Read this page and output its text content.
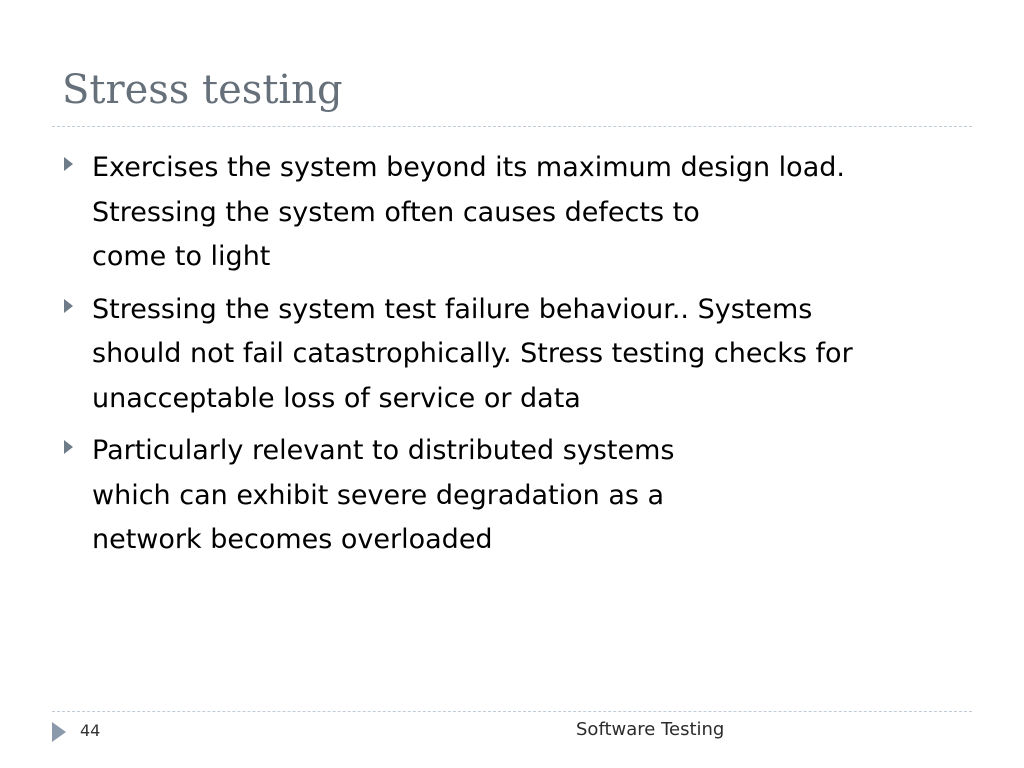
Stress testing
Exercises the system beyond its maximum design load.
Stressing the system often causes defects to
come to light
Stressing the system test failure behaviour.. Systems
should not fail catastrophically. Stress testing checks for
unacceptable loss of service or data
Particularly relevant to distributed systems
which can exhibit severe degradation as a
network becomes overloaded
44	Software Testing
